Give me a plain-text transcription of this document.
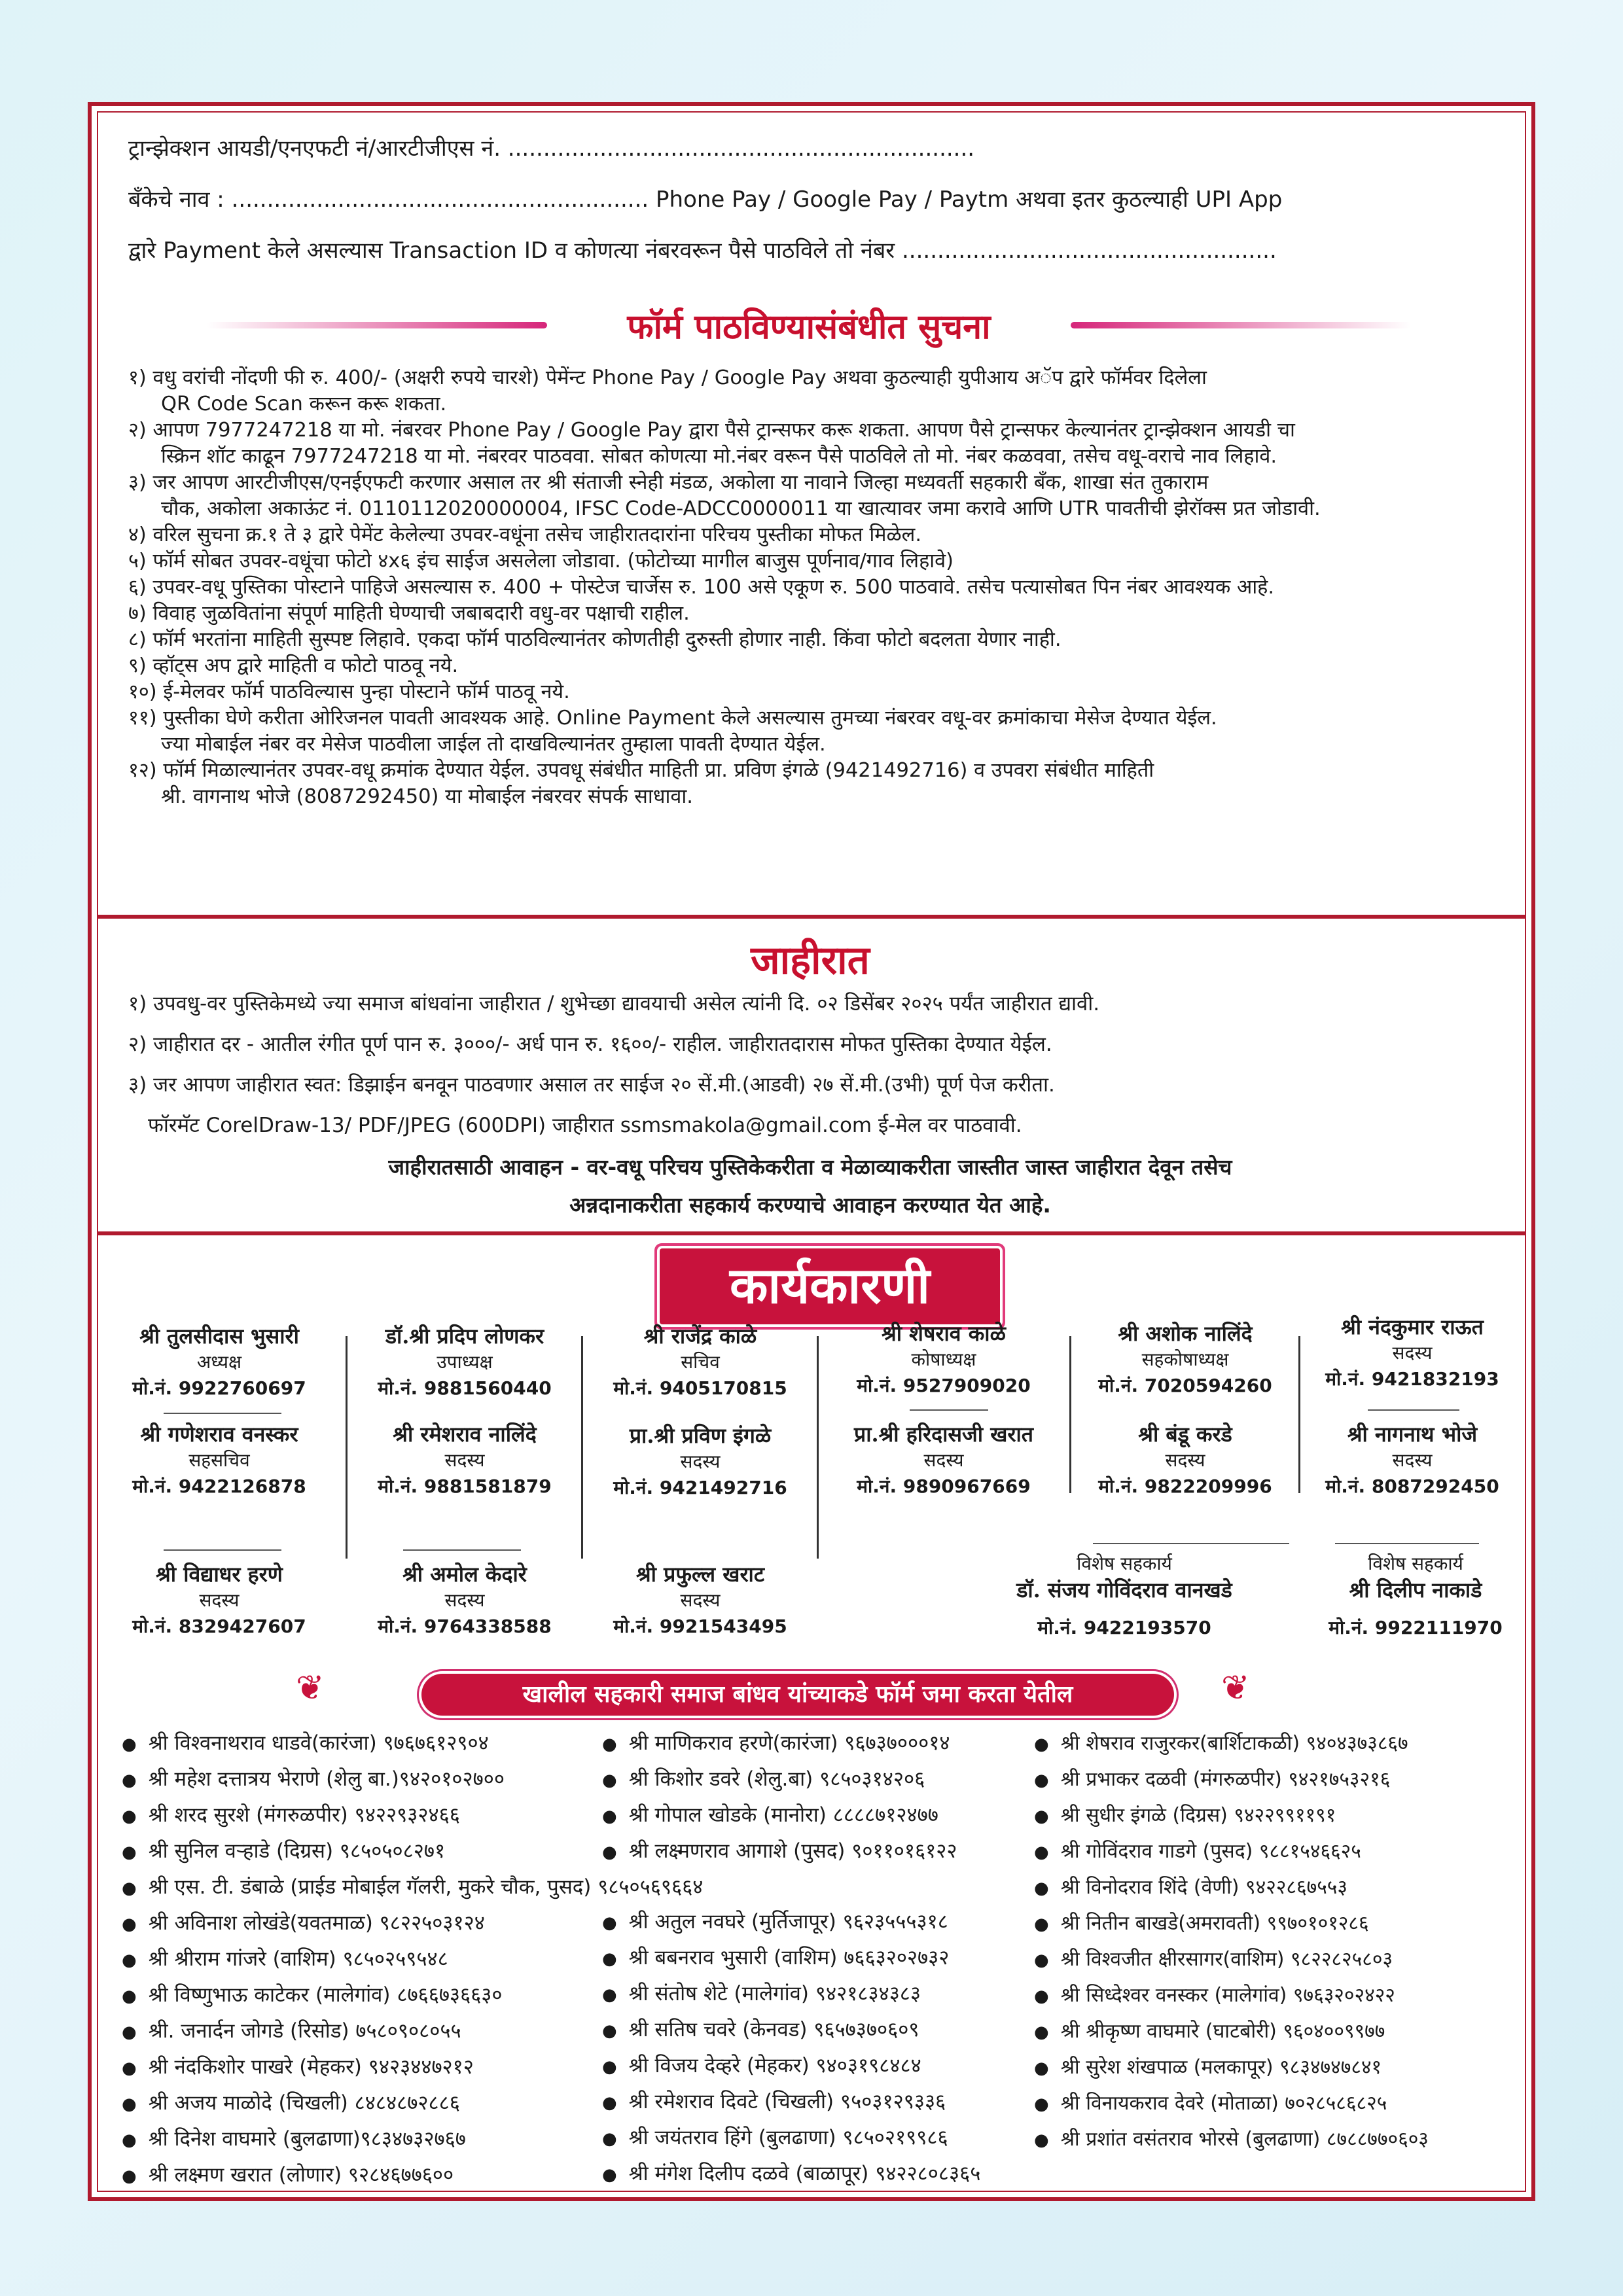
ट्रान्झेक्शन आयडी/एनएफटी नं/आरटीजीएस नं. ..................................................................
बँकेचे नाव : ........................................................... Phone Pay / Google Pay / Paytm अथवा इतर कुठल्याही UPI App
द्वारे Payment केले असल्यास Transaction ID व कोणत्या नंबरवरून पैसे पाठविले तो नंबर .....................................................
फॉर्म पाठविण्यासंबंधीत सुचना
१) वधु वरांची नोंदणी फी रु. 400/- (अक्षरी रुपये चारशे) पेमेंन्ट Phone Pay / Google Pay अथवा कुठल्याही युपीआय अॅप द्वारे फॉर्मवर दिलेला
QR Code Scan करून करू शकता.
२) आपण 7977247218 या मो. नंबरवर Phone Pay / Google Pay द्वारा पैसे ट्रान्सफर करू शकता. आपण पैसे ट्रान्सफर केल्यानंतर ट्रान्झेक्शन आयडी चा
स्क्रिन शॉट काढून 7977247218 या मो. नंबरवर पाठववा. सोबत कोणत्या मो.नंबर वरून पैसे पाठविले तो मो. नंबर कळववा, तसेच वधू-वराचे नाव लिहावे.
३) जर आपण आरटीजीएस/एनईएफटी करणार असाल तर श्री संताजी स्नेही मंडळ, अकोला या नावाने जिल्हा मध्यवर्ती सहकारी बँक, शाखा संत तुकाराम
चौक, अकोला अकाऊंट नं. 0110112020000004, IFSC Code-ADCC0000011 या खात्यावर जमा करावे आणि UTR पावतीची झेरॉक्स प्रत जोडावी.
४) वरिल सुचना क्र.१ ते ३ द्वारे पेमेंट केलेल्या उपवर-वधूंना तसेच जाहीरातदारांना परिचय पुस्तीका मोफत मिळेल.
५) फॉर्म सोबत उपवर-वधूंचा फोटो ४x६ इंच साईज असलेला जोडावा. (फोटोच्या मागील बाजुस पूर्णनाव/गाव लिहावे)
६) उपवर-वधू पुस्तिका पोस्टाने पाहिजे असल्यास रु. 400 + पोस्टेज चार्जेस रु. 100 असे एकूण रु. 500 पाठवावे. तसेच पत्यासोबत पिन नंबर आवश्यक आहे.
७) विवाह जुळवितांना संपूर्ण माहिती घेण्याची जबाबदारी वधु-वर पक्षाची राहील.
८) फॉर्म भरतांना माहिती सुस्पष्ट लिहावे. एकदा फॉर्म पाठविल्यानंतर कोणतीही दुरुस्ती होणार नाही. किंवा फोटो बदलता येणार नाही.
९) व्हॉट्स अप द्वारे माहिती व फोटो पाठवू नये.
१०) ई-मेलवर फॉर्म पाठविल्यास पुन्हा पोस्टाने फॉर्म पाठवू नये.
११) पुस्तीका घेणे करीता ओरिजनल पावती आवश्यक आहे. Online Payment केले असल्यास तुमच्या नंबरवर वधू-वर क्रमांकाचा मेसेज देण्यात येईल.
ज्या मोबाईल नंबर वर मेसेज पाठवीला जाईल तो दाखविल्यानंतर तुम्हाला पावती देण्यात येईल.
१२) फॉर्म मिळाल्यानंतर उपवर-वधू क्रमांक देण्यात येईल. उपवधू संबंधीत माहिती प्रा. प्रविण इंगळे (9421492716) व उपवरा संबंधीत माहिती
श्री. वागनाथ भोजे (8087292450) या मोबाईल नंबरवर संपर्क साधावा.
जाहीरात
१) उपवधु-वर पुस्तिकेमध्ये ज्या समाज बांधवांना जाहीरात / शुभेच्छा द्यावयाची असेल त्यांनी दि. ०२ डिसेंबर २०२५ पर्यंत जाहीरात द्यावी.
२) जाहीरात दर - आतील रंगीत पूर्ण पान रु. ३०००/- अर्ध पान रु. १६००/- राहील. जाहीरातदारास मोफत पुस्तिका देण्यात येईल.
३) जर आपण जाहीरात स्वत: डिझाईन बनवून पाठवणार असाल तर साईज २० सें.मी.(आडवी) २७ सें.मी.(उभी) पूर्ण पेज करीता.
फॉरमॅट CorelDraw-13/ PDF/JPEG (600DPI) जाहीरात ssmsmakola@gmail.com ई-मेल वर पाठवावी.
जाहीरातसाठी आवाहन - वर-वधू परिचय पुस्तिकेकरीता व मेळाव्याकरीता जास्तीत जास्त जाहीरात देवून तसेच
अन्नदानाकरीता सहकार्य करण्याचे आवाहन करण्यात येत आहे.
कार्यकारणी
श्री तुलसीदास भुसारी
अध्यक्ष
मो.नं. 9922760697
डॉ.श्री प्रदिप लोणकर
उपाध्यक्ष
मो.नं. 9881560440
श्री राजेंद्र काळे
सचिव
मो.नं. 9405170815
श्री शेषराव काळे
कोषाध्यक्ष
मो.नं. 9527909020
श्री अशोक नालिंदे
सहकोषाध्यक्ष
मो.नं. 7020594260
श्री नंदकुमार राऊत
सदस्य
मो.नं. 9421832193
श्री गणेशराव वनस्कर
सहसचिव
मो.नं. 9422126878
श्री रमेशराव नालिंदे
सदस्य
मो.नं. 9881581879
प्रा.श्री प्रविण इंगळे
सदस्य
मो.नं. 9421492716
प्रा.श्री हरिदासजी खरात
सदस्य
मो.नं. 9890967669
श्री बंडू करडे
सदस्य
मो.नं. 9822209996
श्री नागनाथ भोजे
सदस्य
मो.नं. 8087292450
श्री विद्याधर हरणे
सदस्य
मो.नं. 8329427607
श्री अमोल केदारे
सदस्य
मो.नं. 9764338588
श्री प्रफुल्ल खराट
सदस्य
मो.नं. 9921543495
विशेष सहकार्य
डॉ. संजय गोविंदराव वानखडे
मो.नं. 9422193570
विशेष सहकार्य
श्री दिलीप नाकाडे
मो.नं. 9922111970
❦	खालील सहकारी समाज बांधव यांच्याकडे फॉर्म जमा करता येतील	❦
● श्री विश्वनाथराव धाडवे(कारंजा) ९७६७६१२९०४
● श्री महेश दत्तात्रय भेराणे (शेलु बा.)९४२०१०२७००
● श्री शरद सुरशे (मंगरुळपीर) ९४२२९३२४६६
● श्री सुनिल वऱ्हाडे (दिग्रस) ९८५०५०८२७१
● श्री एस. टी. डंबाळे (प्राईड मोबाईल गॅलरी, मुकरे चौक, पुसद) ९८५०५६९६६४
● श्री अविनाश लोखंडे(यवतमाळ) ९८२२५०३१२४
● श्री श्रीराम गांजरे (वाशिम) ९८५०२५९५४८
● श्री विष्णुभाऊ काटेकर (मालेगांव) ८७६६७३६६३०
● श्री. जनार्दन जोगडे (रिसोड) ७५८०९०८०५५
● श्री नंदकिशोर पाखरे (मेहकर) ९४२३४४७२१२
● श्री अजय माळोदे (चिखली) ८४८४८७२८८६
● श्री दिनेश वाघमारे (बुलढाणा)९८३४७३२७६७
● श्री लक्ष्मण खरात (लोणार) ९२८४६७७६००
● श्री माणिकराव हरणे(कारंजा) ९६७३७०००१४
● श्री किशोर डवरे (शेलु.बा) ९८५०३१४२०६
● श्री गोपाल खोडके (मानोरा) ८८८८७१२४७७
● श्री लक्ष्मणराव आगाशे (पुसद) ९०११०१६१२२
● श्री अतुल नवघरे (मुर्तिजापूर) ९६२३५५५३१८
● श्री बबनराव भुसारी (वाशिम) ७६६३२०२७३२
● श्री संतोष शेटे (मालेगांव) ९४२१८३४३८३
● श्री सतिष चवरे (केनवड) ९६५७३७०६०९
● श्री विजय देव्हरे (मेहकर) ९४०३१९८४८४
● श्री रमेशराव दिवटे (चिखली) ९५०३१२९३३६
● श्री जयंतराव हिंगे (बुलढाणा) ९८५०२१९९८६
● श्री मंगेश दिलीप दळवे (बाळापूर) ९४२२८०८३६५
● श्री शेषराव राजुरकर(बार्शिटाकळी) ९४०४३७३८६७
● श्री प्रभाकर दळवी (मंगरुळपीर) ९४२१७५३२१६
● श्री सुधीर इंगळे (दिग्रस) ९४२२९९११९१
● श्री गोविंदराव गाडगे (पुसद) ९८८१५४६६२५
● श्री विनोदराव शिंदे (वेणी) ९४२२८६७५५३
● श्री नितीन बाखडे(अमरावती) ९९७०१०१२८६
● श्री विश्वजीत क्षीरसागर(वाशिम) ९८२२८२५८०३
● श्री सिध्देश्वर वनस्कर (मालेगांव) ९७६३२०२४२२
● श्री श्रीकृष्ण वाघमारे (घाटबोरी) ९६०४००९९७७
● श्री सुरेश शंखपाळ (मलकापूर) ९८३४७४७८४१
● श्री विनायकराव देवरे (मोताळा) ७०२८५८६८२५
● श्री प्रशांत वसंतराव भोरसे (बुलढाणा) ८७८८७७०६०३
